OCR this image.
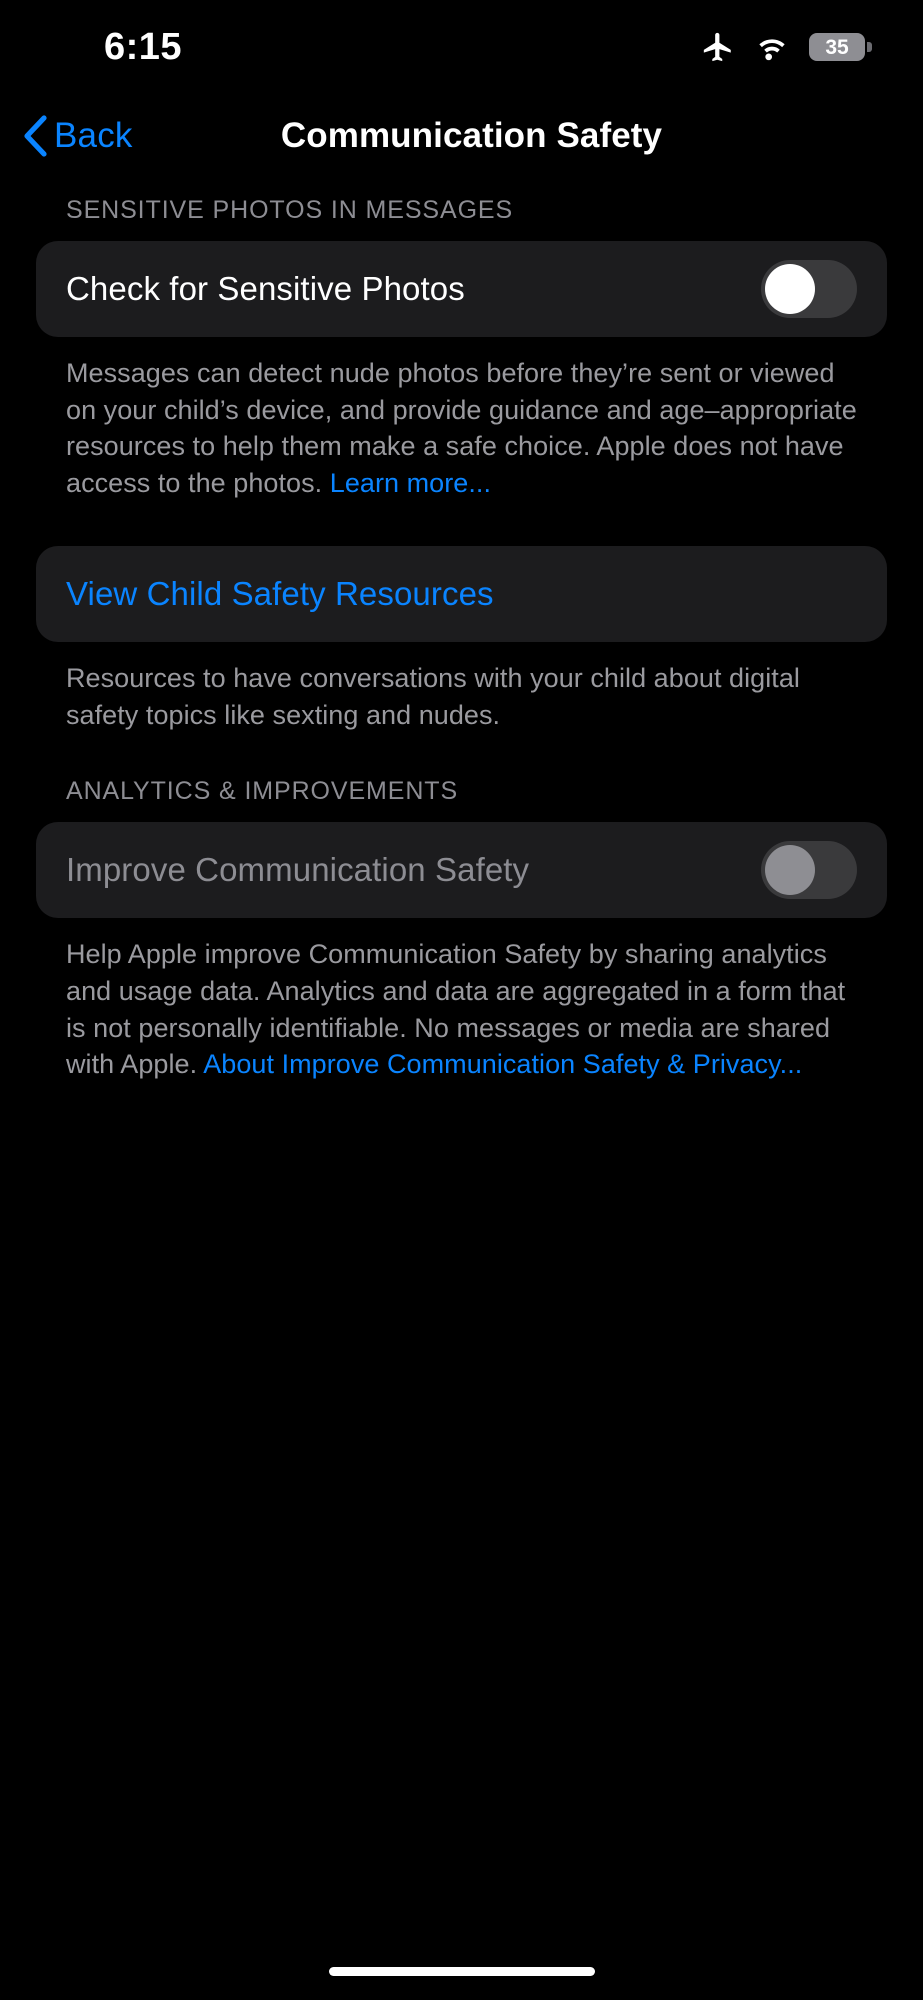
6:15	35
Back	Communication Safety
SENSITIVE PHOTOS IN MESSAGES
Check for Sensitive Photos
Messages can detect nude photos before they’re sent or viewed on your child’s device, and provide guidance and age–appropriate resources to help them make a safe choice. Apple does not have access to the photos. Learn more...
View Child Safety Resources
Resources to have conversations with your child about digital safety topics like sexting and nudes.
ANALYTICS & IMPROVEMENTS
Improve Communication Safety
Help Apple improve Communication Safety by sharing analytics and usage data. Analytics and data are aggregated in a form that is not personally identifiable. No messages or media are shared with Apple. About Improve Communication Safety & Privacy...
